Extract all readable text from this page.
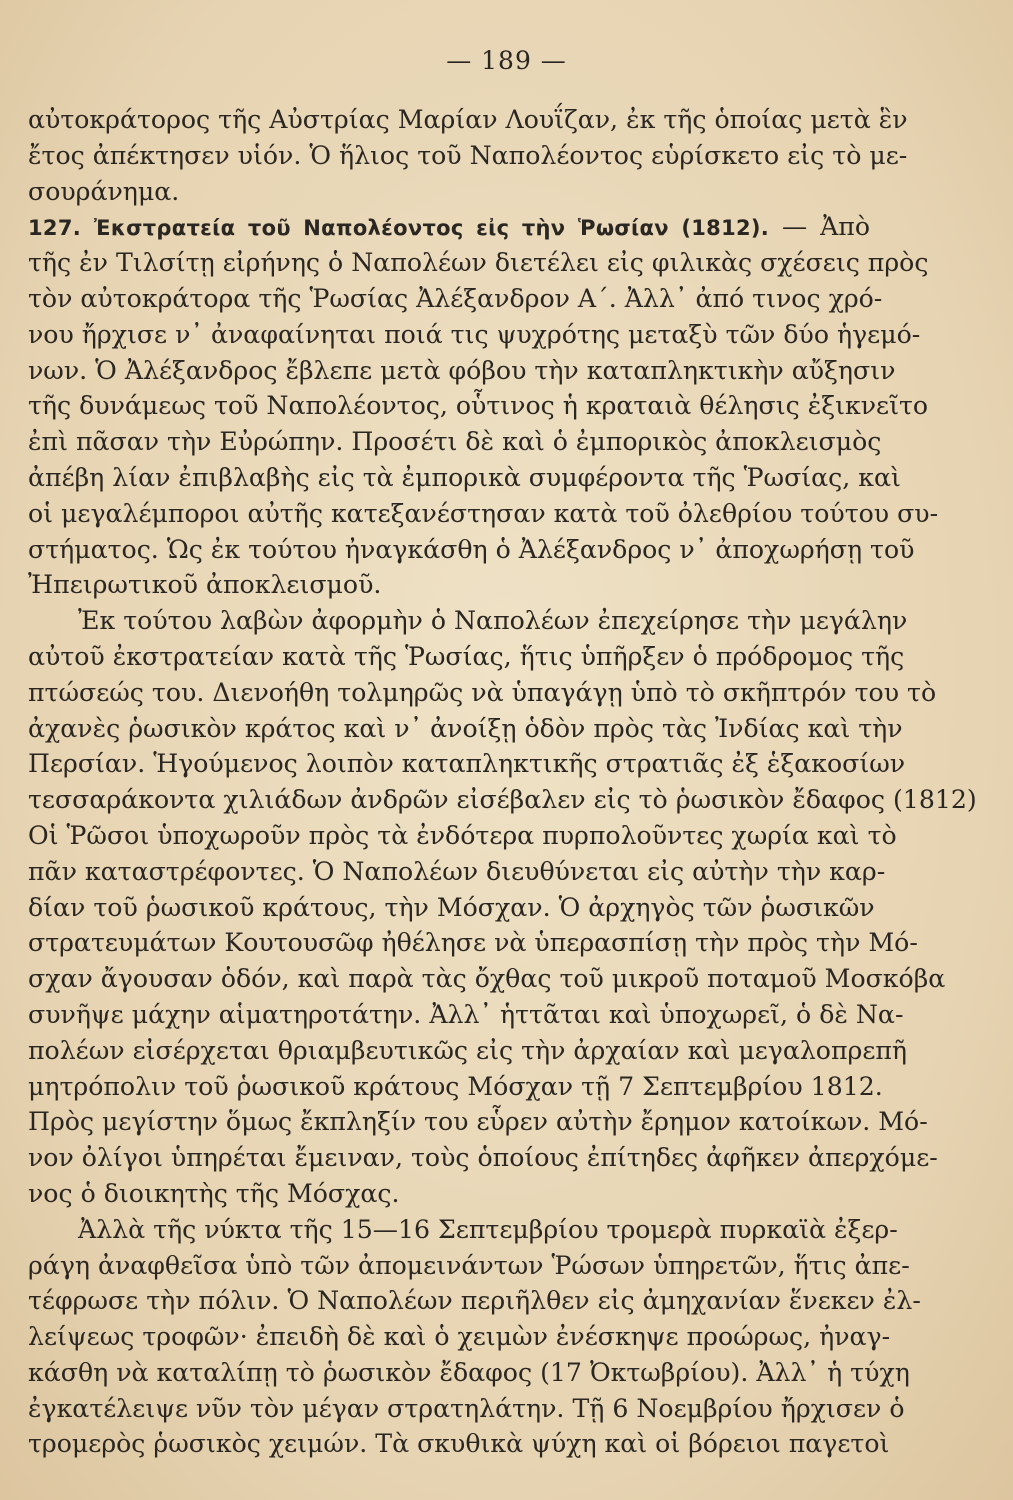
— 189 —
αὐτοκράτορος τῆς Αὐστρίας Μαρίαν Λουΐζαν, ἐκ τῆς ὁποίας μετὰ ἓν
ἔτος ἀπέκτησεν υἱόν. Ὁ ἥλιος τοῦ Ναπολέοντος εὑρίσκετο εἰς τὸ με-
σουράνημα.
127. Ἐκστρατεία τοῦ Ναπολέοντος εἰς τὴν Ῥωσίαν (1812). — Ἀπὸ
τῆς ἐν Τιλσίτῃ εἰρήνης ὁ Ναπολέων διετέλει εἰς φιλικὰς σχέσεις πρὸς
τὸν αὐτοκράτορα τῆς Ῥωσίας Ἀλέξανδρον Α΄. Ἀλλ᾽ ἀπό τινος χρό-
νου ἤρχισε ν᾽ ἀναφαίνηται ποιά τις ψυχρότης μεταξὺ τῶν δύο ἡγεμό-
νων. Ὁ Ἀλέξανδρος ἔβλεπε μετὰ φόβου τὴν καταπληκτικὴν αὔξησιν
τῆς δυνάμεως τοῦ Ναπολέοντος, οὗτινος ἡ κραταιὰ θέλησις ἐξικνεῖτο
ἐπὶ πᾶσαν τὴν Εὐρώπην. Προσέτι δὲ καὶ ὁ ἐμπορικὸς ἀποκλεισμὸς
ἀπέβη λίαν ἐπιβλαβὴς εἰς τὰ ἐμπορικὰ συμφέροντα τῆς Ῥωσίας, καὶ
οἱ μεγαλέμποροι αὐτῆς κατεξανέστησαν κατὰ τοῦ ὀλεθρίου τούτου συ-
στήματος. Ὡς ἐκ τούτου ἠναγκάσθη ὁ Ἀλέξανδρος ν᾽ ἀποχωρήσῃ τοῦ
Ἠπειρωτικοῦ ἀποκλεισμοῦ.
Ἐκ τούτου λαβὼν ἀφορμὴν ὁ Ναπολέων ἐπεχείρησε τὴν μεγάλην
αὐτοῦ ἐκστρατείαν κατὰ τῆς Ῥωσίας, ἥτις ὑπῆρξεν ὁ πρόδρομος τῆς
πτώσεώς του. Διενοήθη τολμηρῶς νὰ ὑπαγάγῃ ὑπὸ τὸ σκῆπτρόν του τὸ
ἀχανὲς ῥωσικὸν κράτος καὶ ν᾽ ἀνοίξῃ ὁδὸν πρὸς τὰς Ἰνδίας καὶ τὴν
Περσίαν. Ἡγούμενος λοιπὸν καταπληκτικῆς στρατιᾶς ἐξ ἑξακοσίων
τεσσαράκοντα χιλιάδων ἀνδρῶν εἰσέβαλεν εἰς τὸ ῥωσικὸν ἔδαφος (1812)
Οἱ Ῥῶσοι ὑποχωροῦν πρὸς τὰ ἐνδότερα πυρπολοῦντες χωρία καὶ τὸ
πᾶν καταστρέφοντες. Ὁ Ναπολέων διευθύνεται εἰς αὐτὴν τὴν καρ-
δίαν τοῦ ῥωσικοῦ κράτους, τὴν Μόσχαν. Ὁ ἀρχηγὸς τῶν ῥωσικῶν
στρατευμάτων Κουτουσῶφ ἠθέλησε νὰ ὑπερασπίσῃ τὴν πρὸς τὴν Μό-
σχαν ἄγουσαν ὁδόν, καὶ παρὰ τὰς ὄχθας τοῦ μικροῦ ποταμοῦ Μοσκόβα
συνῆψε μάχην αἱματηροτάτην. Ἀλλ᾽ ἡττᾶται καὶ ὑποχωρεῖ, ὁ δὲ Να-
πολέων εἰσέρχεται θριαμβευτικῶς εἰς τὴν ἀρχαίαν καὶ μεγαλοπρεπῆ
μητρόπολιν τοῦ ῥωσικοῦ κράτους Μόσχαν τῇ 7 Σεπτεμβρίου 1812.
Πρὸς μεγίστην ὅμως ἔκπληξίν του εὗρεν αὐτὴν ἔρημον κατοίκων. Μό-
νον ὀλίγοι ὑπηρέται ἔμειναν, τοὺς ὁποίους ἐπίτηδες ἀφῆκεν ἀπερχόμε-
νος ὁ διοικητὴς τῆς Μόσχας.
Ἀλλὰ τῆς νύκτα τῆς 15—16 Σεπτεμβρίου τρομερὰ πυρκαϊὰ ἐξερ-
ράγη ἀναφθεῖσα ὑπὸ τῶν ἀπομεινάντων Ῥώσων ὑπηρετῶν, ἥτις ἀπε-
τέφρωσε τὴν πόλιν. Ὁ Ναπολέων περιῆλθεν εἰς ἀμηχανίαν ἕνεκεν ἐλ-
λείψεως τροφῶν· ἐπειδὴ δὲ καὶ ὁ χειμὼν ἐνέσκηψε προώρως, ἠναγ-
κάσθη νὰ καταλίπῃ τὸ ῥωσικὸν ἔδαφος (17 Ὀκτωβρίου). Ἀλλ᾽ ἡ τύχη
ἐγκατέλειψε νῦν τὸν μέγαν στρατηλάτην. Τῇ 6 Νοεμβρίου ἤρχισεν ὁ
τρομερὸς ῥωσικὸς χειμών. Τὰ σκυθικὰ ψύχη καὶ οἱ βόρειοι παγετοὶ
